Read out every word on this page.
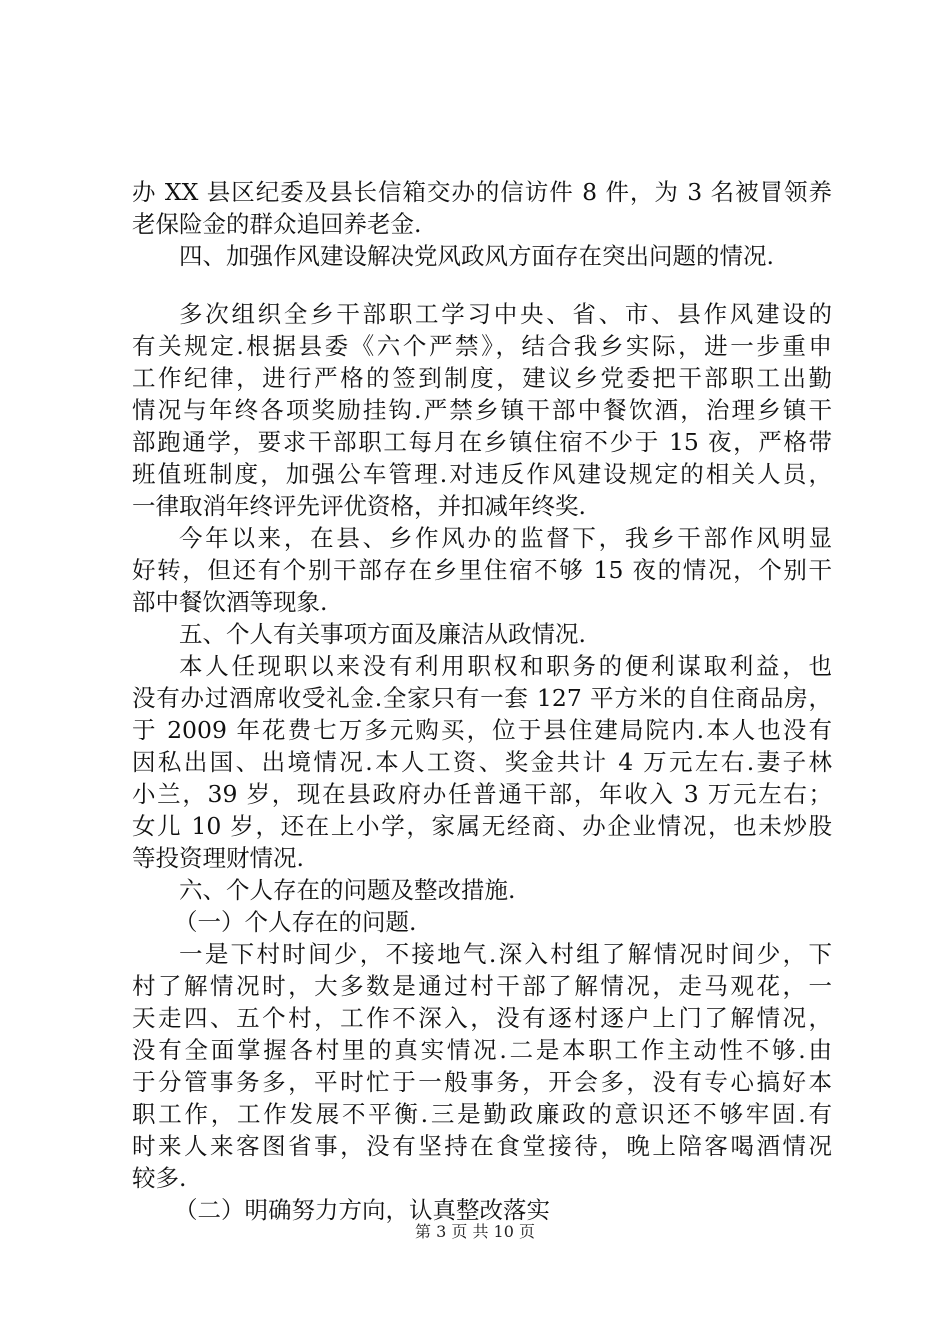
办 XX 县区纪委及县长信箱交办的信访件 8 件，为 3 名被冒领养
老保险金的群众追回养老金.
四、加强作风建设解决党风政风方面存在突出问题的情况.
多次组织全乡干部职工学习中央、省、市、县作风建设的
有关规定.根据县委《六个严禁》，结合我乡实际，进一步重申
工作纪律，进行严格的签到制度，建议乡党委把干部职工出勤
情况与年终各项奖励挂钩.严禁乡镇干部中餐饮酒，治理乡镇干
部跑通学，要求干部职工每月在乡镇住宿不少于 15 夜，严格带
班值班制度，加强公车管理.对违反作风建设规定的相关人员，
一律取消年终评先评优资格，并扣减年终奖.
今年以来，在县、乡作风办的监督下，我乡干部作风明显
好转，但还有个别干部存在乡里住宿不够 15 夜的情况，个别干
部中餐饮酒等现象.
五、个人有关事项方面及廉洁从政情况.
本人任现职以来没有利用职权和职务的便利谋取利益，也
没有办过酒席收受礼金.全家只有一套 127 平方米的自住商品房，
于 2009 年花费七万多元购买，位于县住建局院内.本人也没有
因私出国、出境情况.本人工资、奖金共计 4 万元左右.妻子林
小兰，39 岁，现在县政府办任普通干部，年收入 3 万元左右；
女儿 10 岁，还在上小学，家属无经商、办企业情况，也未炒股
等投资理财情况.
六、个人存在的问题及整改措施.
（一）个人存在的问题.
一是下村时间少，不接地气.深入村组了解情况时间少，下
村了解情况时，大多数是通过村干部了解情况，走马观花，一
天走四、五个村，工作不深入，没有逐村逐户上门了解情况，
没有全面掌握各村里的真实情况.二是本职工作主动性不够.由
于分管事务多，平时忙于一般事务，开会多，没有专心搞好本
职工作，工作发展不平衡.三是勤政廉政的意识还不够牢固.有
时来人来客图省事，没有坚持在食堂接待，晚上陪客喝酒情况
较多.
（二）明确努力方向，认真整改落实
第 3 页 共 10 页
